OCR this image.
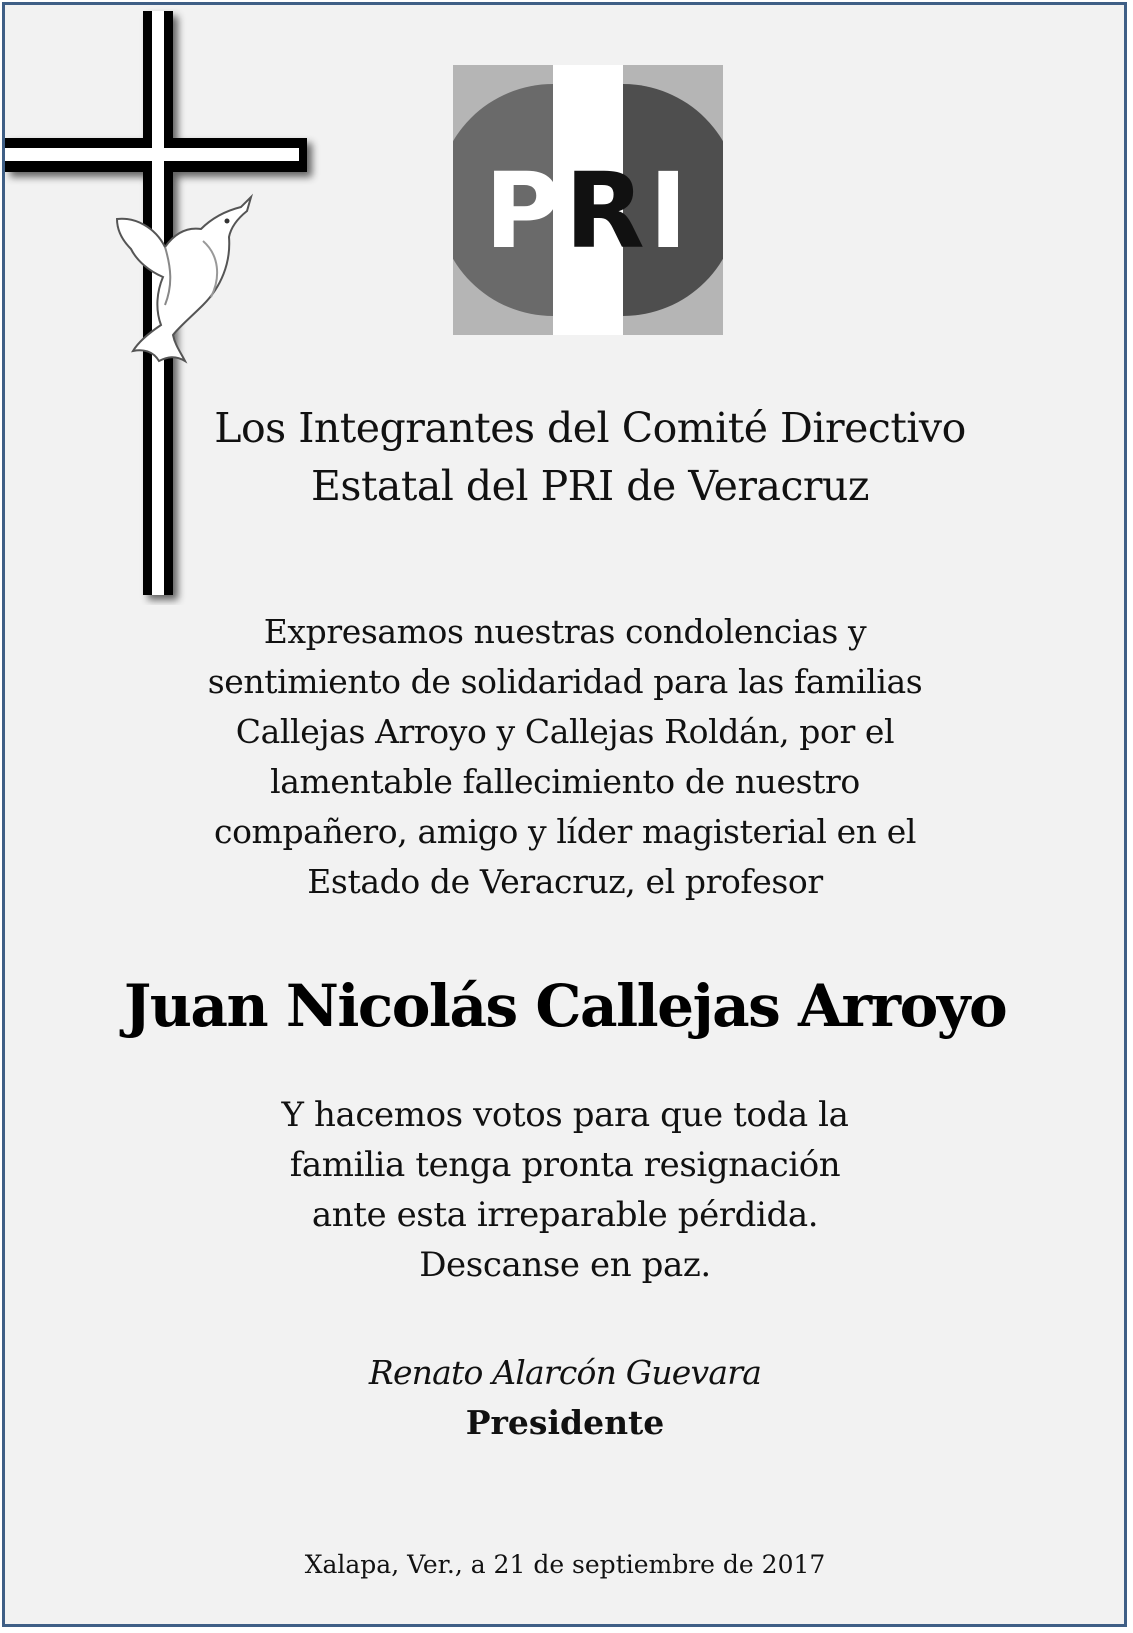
PRI
Los Integrantes del Comité Directivo
Estatal del PRI de Veracruz
Expresamos nuestras condolencias y
sentimiento de solidaridad para las familias
Callejas Arroyo y Callejas Roldán, por el
lamentable fallecimiento de nuestro
compañero, amigo y líder magisterial en el
Estado de Veracruz, el profesor
Juan Nicolás Callejas Arroyo
Y hacemos votos para que toda la
familia tenga pronta resignación
ante esta irreparable pérdida.
Descanse en paz.
Renato Alarcón Guevara
Presidente
Xalapa, Ver., a 21 de septiembre de 2017
